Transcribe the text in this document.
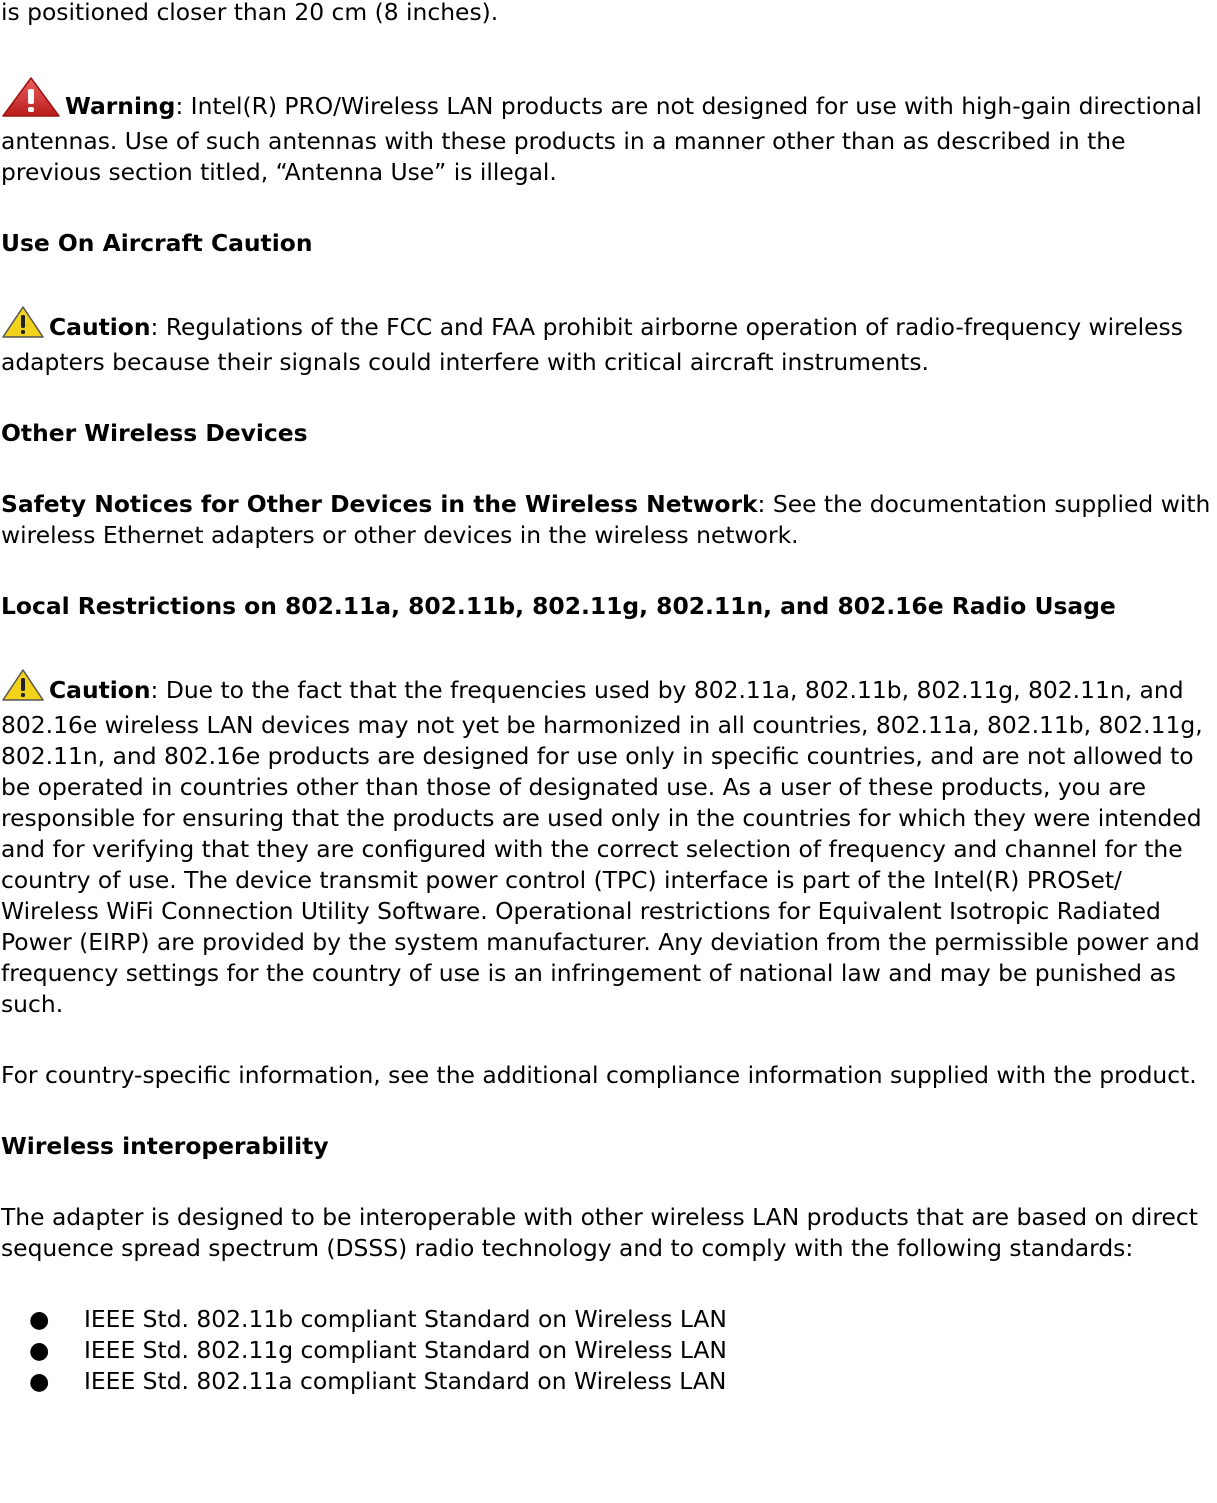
is positioned closer than 20 cm (8 inches).

Warning: Intel(R) PRO/Wireless LAN products are not designed for use with high-gain directional antennas. Use of such antennas with these products in a manner other than as described in the previous section titled, “Antenna Use” is illegal.

Use On Aircraft Caution

Caution: Regulations of the FCC and FAA prohibit airborne operation of radio-frequency wireless adapters because their signals could interfere with critical aircraft instruments.

Other Wireless Devices

Safety Notices for Other Devices in the Wireless Network: See the documentation supplied with wireless Ethernet adapters or other devices in the wireless network.

Local Restrictions on 802.11a, 802.11b, 802.11g, 802.11n, and 802.16e Radio Usage

Caution: Due to the fact that the frequencies used by 802.11a, 802.11b, 802.11g, 802.11n, and 802.16e wireless LAN devices may not yet be harmonized in all countries, 802.11a, 802.11b, 802.11g, 802.11n, and 802.16e products are designed for use only in specific countries, and are not allowed to be operated in countries other than those of designated use. As a user of these products, you are responsible for ensuring that the products are used only in the countries for which they were intended and for verifying that they are configured with the correct selection of frequency and channel for the country of use. The device transmit power control (TPC) interface is part of the Intel(R) PROSet/ Wireless WiFi Connection Utility Software. Operational restrictions for Equivalent Isotropic Radiated Power (EIRP) are provided by the system manufacturer. Any deviation from the permissible power and frequency settings for the country of use is an infringement of national law and may be punished as such.

For country-specific information, see the additional compliance information supplied with the product.

Wireless interoperability

The adapter is designed to be interoperable with other wireless LAN products that are based on direct sequence spread spectrum (DSSS) radio technology and to comply with the following standards:

● IEEE Std. 802.11b compliant Standard on Wireless LAN
● IEEE Std. 802.11g compliant Standard on Wireless LAN
● IEEE Std. 802.11a compliant Standard on Wireless LAN
